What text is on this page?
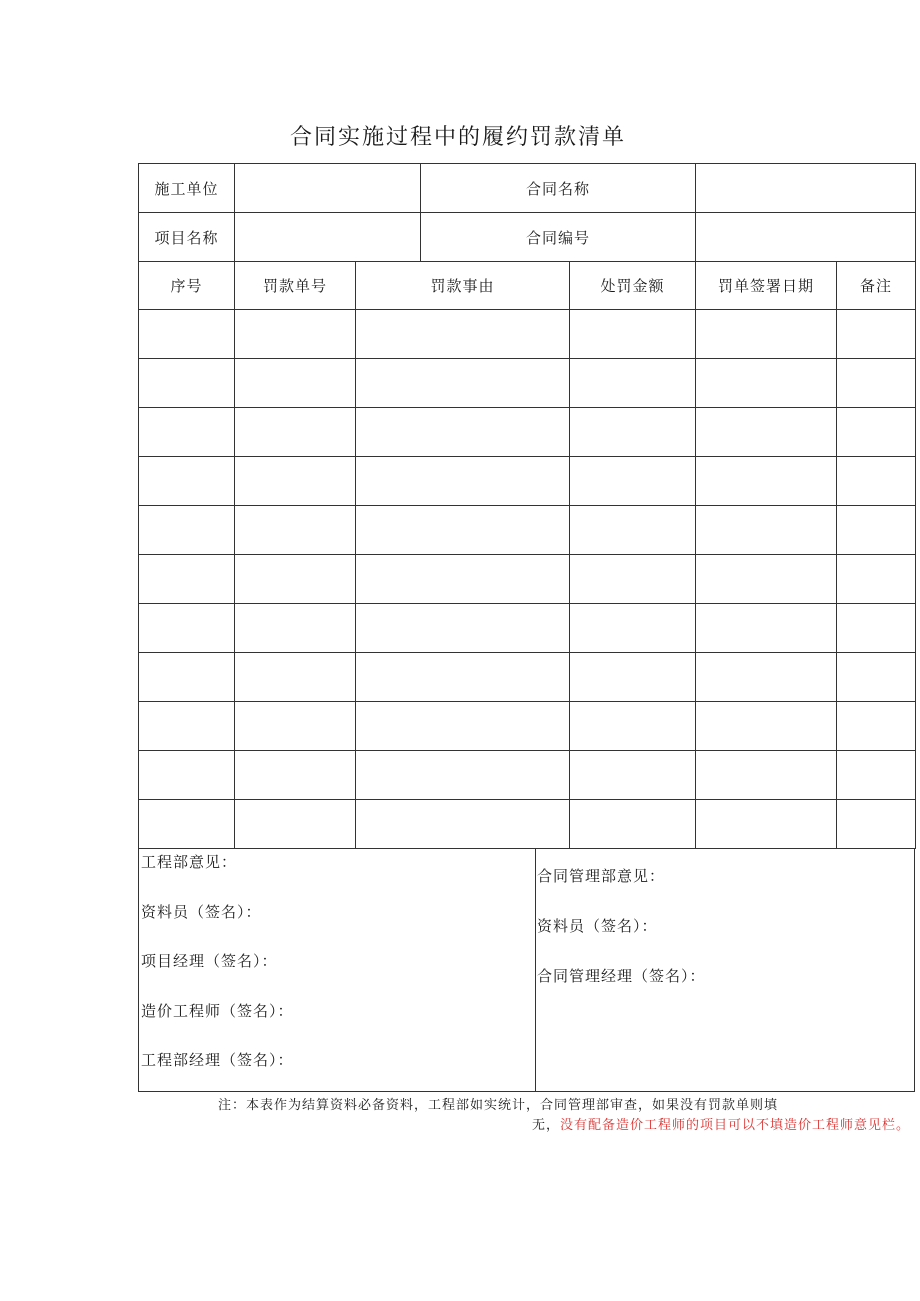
合同实施过程中的履约罚款清单
施工单位			合同名称			
项目名称			合同编号			
序号	罚款单号	罚款事由		处罚金额	罚单签署日期	备注

工程部意见：
资料员（签名）：
项目经理（签名）：
造价工程师（签名）：
工程部经理（签名）：
合同管理部意见：
资料员（签名）：
合同管理经理（签名）：
注：本表作为结算资料必备资料，工程部如实统计，合同管理部审查，如果没有罚款单则填
无，没有配备造价工程师的项目可以不填造价工程师意见栏。
